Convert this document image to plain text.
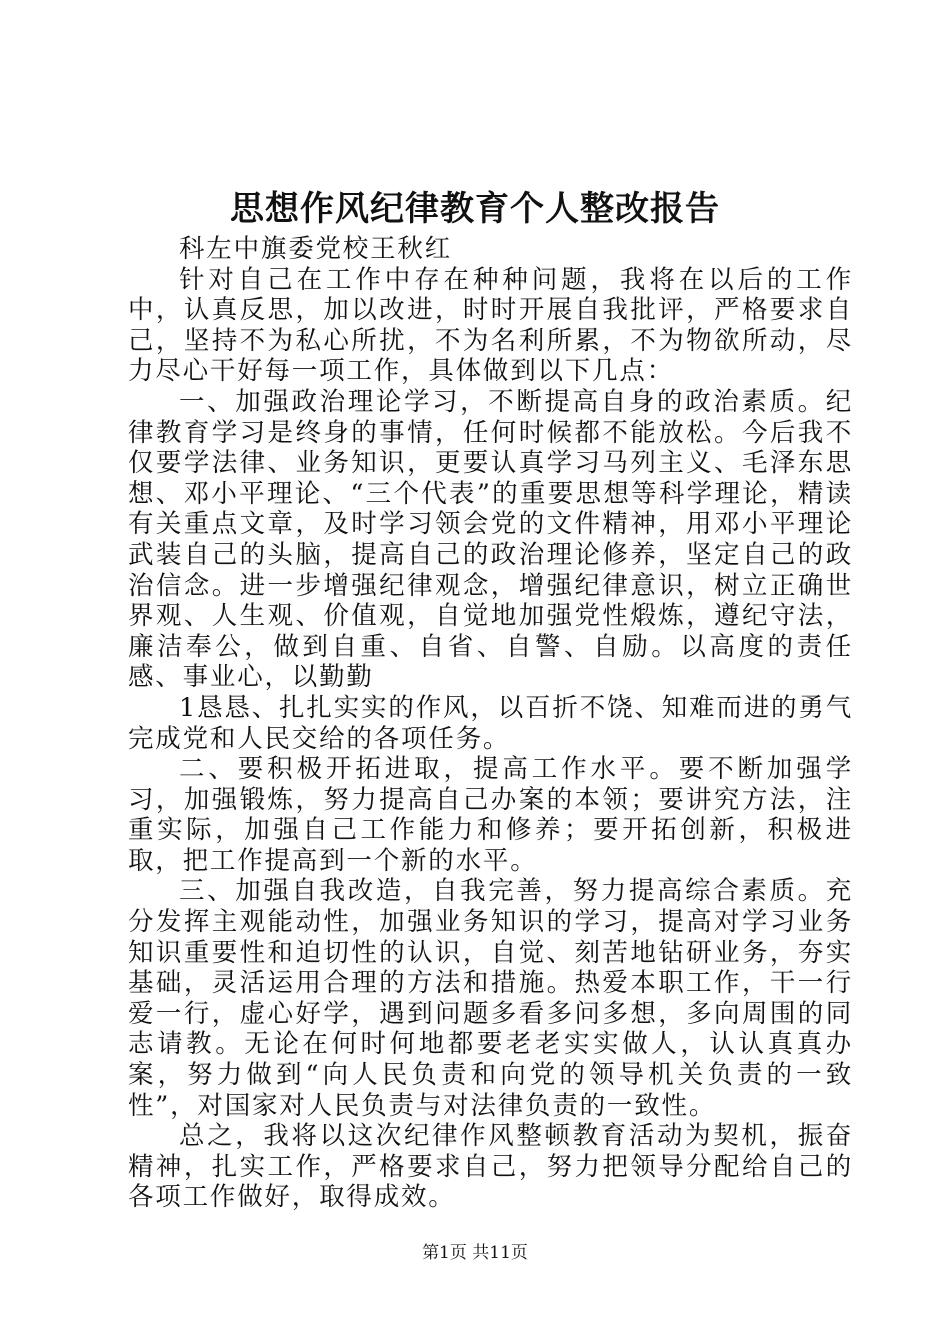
思想作风纪律教育个人整改报告

科左中旗委党校王秋红

针对自己在工作中存在种种问题，我将在以后的工作中，认真反思，加以改进，时时开展自我批评，严格要求自己，坚持不为私心所扰，不为名利所累，不为物欲所动，尽力尽心干好每一项工作，具体做到以下几点：

一、加强政治理论学习，不断提高自身的政治素质。纪律教育学习是终身的事情，任何时候都不能放松。今后我不仅要学法律、业务知识，更要认真学习马列主义、毛泽东思想、邓小平理论、“三个代表”的重要思想等科学理论，精读有关重点文章，及时学习领会党的文件精神，用邓小平理论武装自己的头脑，提高自己的政治理论修养，坚定自己的政治信念。进一步增强纪律观念，增强纪律意识，树立正确世界观、人生观、价值观，自觉地加强党性煅炼，遵纪守法，廉洁奉公，做到自重、自省、自警、自励。以高度的责任感、事业心，以勤勤

1恳恳、扎扎实实的作风，以百折不饶、知难而进的勇气完成党和人民交给的各项任务。

二、要积极开拓进取，提高工作水平。要不断加强学习，加强锻炼，努力提高自己办案的本领；要讲究方法，注重实际，加强自己工作能力和修养；要开拓创新，积极进取，把工作提高到一个新的水平。

三、加强自我改造，自我完善，努力提高综合素质。充分发挥主观能动性，加强业务知识的学习，提高对学习业务知识重要性和迫切性的认识，自觉、刻苦地钻研业务，夯实基础，灵活运用合理的方法和措施。热爱本职工作，干一行爱一行，虚心好学，遇到问题多看多问多想，多向周围的同志请教。无论在何时何地都要老老实实做人，认认真真办案，努力做到“向人民负责和向党的领导机关负责的一致性”，对国家对人民负责与对法律负责的一致性。

总之，我将以这次纪律作风整顿教育活动为契机，振奋精神，扎实工作，严格要求自己，努力把领导分配给自己的各项工作做好，取得成效。

第1页 共11页
